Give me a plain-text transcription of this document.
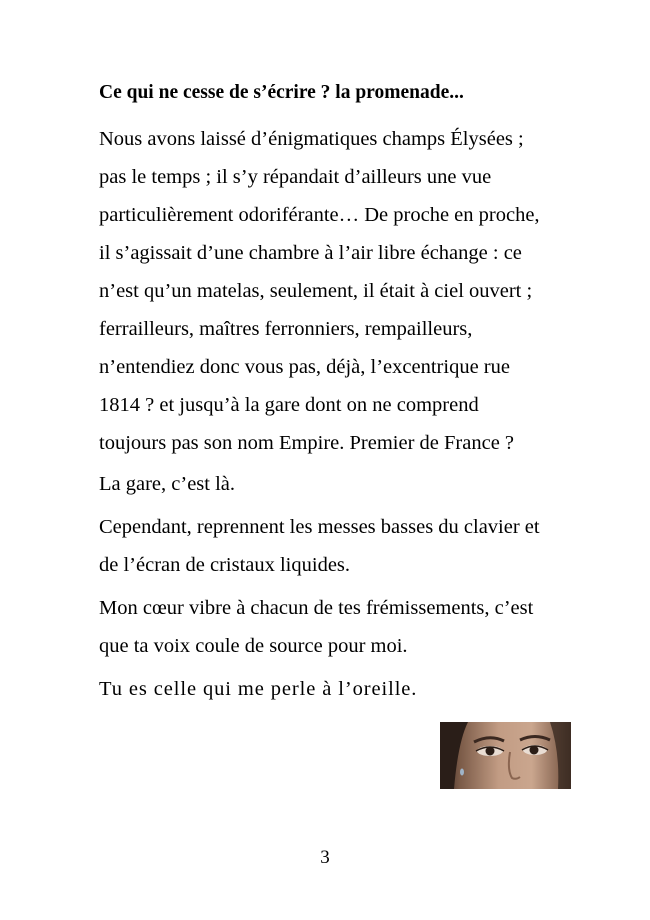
Ce qui ne cesse de s’écrire ? la promenade...

Nous avons laissé d’énigmatiques champs Élysées ;
pas le temps ; il s’y répandait d’ailleurs une vue
particulièrement odoriférante… De proche en proche,
il s’agissait d’une chambre à l’air libre échange : ce
n’est qu’un matelas, seulement, il était à ciel ouvert ;
ferrailleurs, maîtres ferronniers, rempailleurs,
n’entendiez donc vous pas, déjà, l’excentrique rue
1814 ? et jusqu’à la gare dont on ne comprend
toujours pas son nom Empire. Premier de France ?

La gare, c’est là.

Cependant, reprennent les messes basses du clavier et
de l’écran de cristaux liquides.

Mon cœur vibre à chacun de tes frémissements, c’est
que ta voix coule de source pour moi.

Tu es celle qui me perle à l’oreille.

3
